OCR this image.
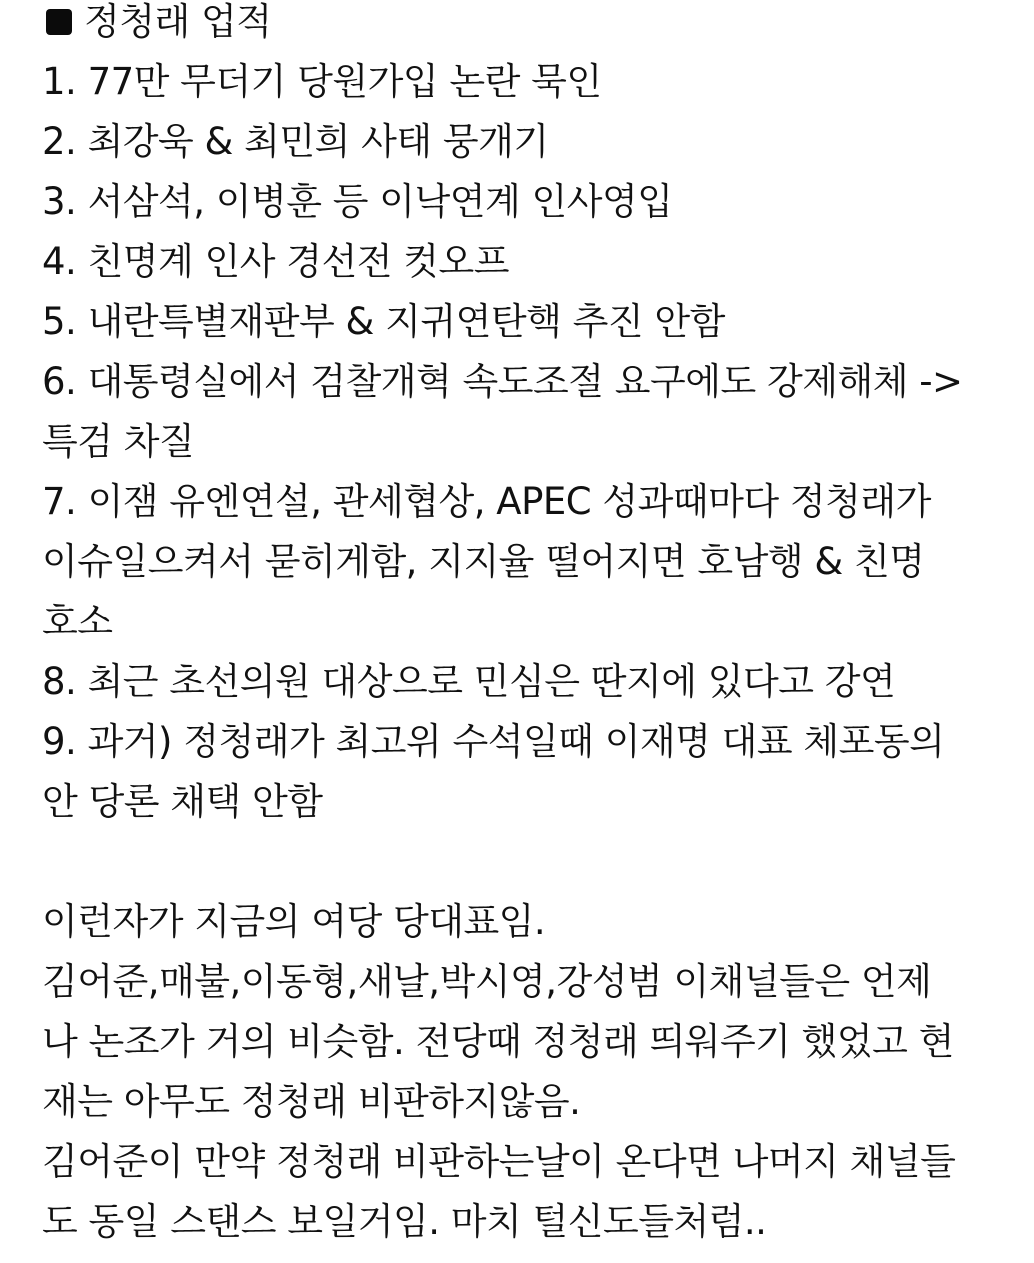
정청래 업적
1. 77만 무더기 당원가입 논란 묵인
2. 최강욱 & 최민희 사태 뭉개기
3. 서삼석, 이병훈 등 이낙연계 인사영입
4. 친명계 인사 경선전 컷오프
5. 내란특별재판부 & 지귀연탄핵 추진 안함
6. 대통령실에서 검찰개혁 속도조절 요구에도 강제해체 ->
특검 차질
7. 이잼 유엔연설, 관세협상, APEC 성과때마다 정청래가
이슈일으켜서 묻히게함, 지지율 떨어지면 호남행 & 친명
호소
8. 최근 초선의원 대상으로 민심은 딴지에 있다고 강연
9. 과거) 정청래가 최고위 수석일때 이재명 대표 체포동의
안 당론 채택 안함
이런자가 지금의 여당 당대표임.
김어준,매불,이동형,새날,박시영,강성범 이채널들은 언제
나 논조가 거의 비슷함. 전당때 정청래 띄워주기 했었고 현
재는 아무도 정청래 비판하지않음.
김어준이 만약 정청래 비판하는날이 온다면 나머지 채널들
도 동일 스탠스 보일거임. 마치 털신도들처럼..
